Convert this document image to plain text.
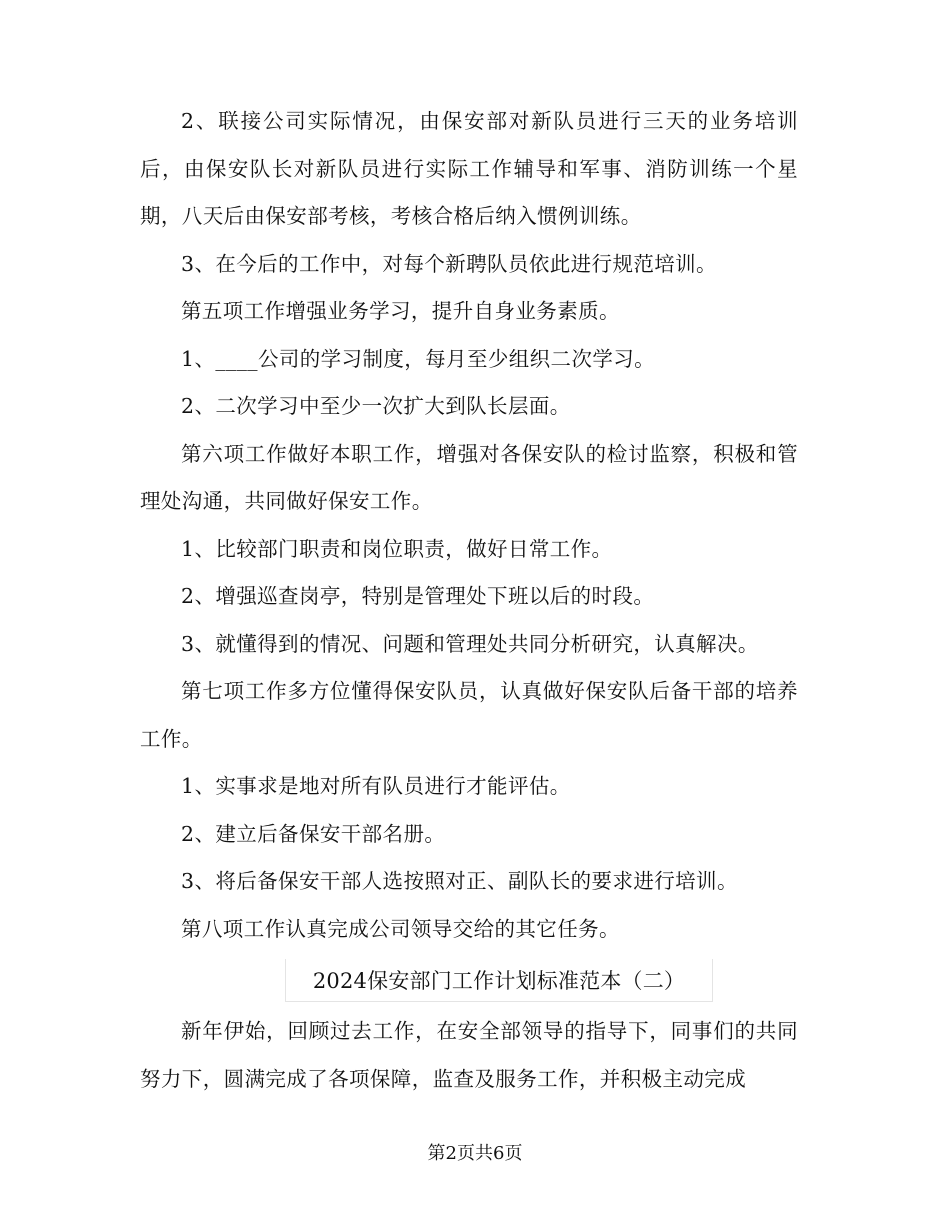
2、联接公司实际情况，由保安部对新队员进行三天的业务培训后，由保安队长对新队员进行实际工作辅导和军事、消防训练一个星期，八天后由保安部考核，考核合格后纳入惯例训练。

3、在今后的工作中，对每个新聘队员依此进行规范培训。

第五项工作增强业务学习，提升自身业务素质。

1、____公司的学习制度，每月至少组织二次学习。

2、二次学习中至少一次扩大到队长层面。

第六项工作做好本职工作，增强对各保安队的检讨监察，积极和管理处沟通，共同做好保安工作。

1、比较部门职责和岗位职责，做好日常工作。

2、增强巡查岗亭，特别是管理处下班以后的时段。

3、就懂得到的情况、问题和管理处共同分析研究，认真解决。

第七项工作多方位懂得保安队员，认真做好保安队后备干部的培养工作。

1、实事求是地对所有队员进行才能评估。

2、建立后备保安干部名册。

3、将后备保安干部人选按照对正、副队长的要求进行培训。

第八项工作认真完成公司领导交给的其它任务。

2024保安部门工作计划标准范本（二）

新年伊始，回顾过去工作，在安全部领导的指导下，同事们的共同努力下，圆满完成了各项保障，监查及服务工作，并积极主动完成

第2页共6页
